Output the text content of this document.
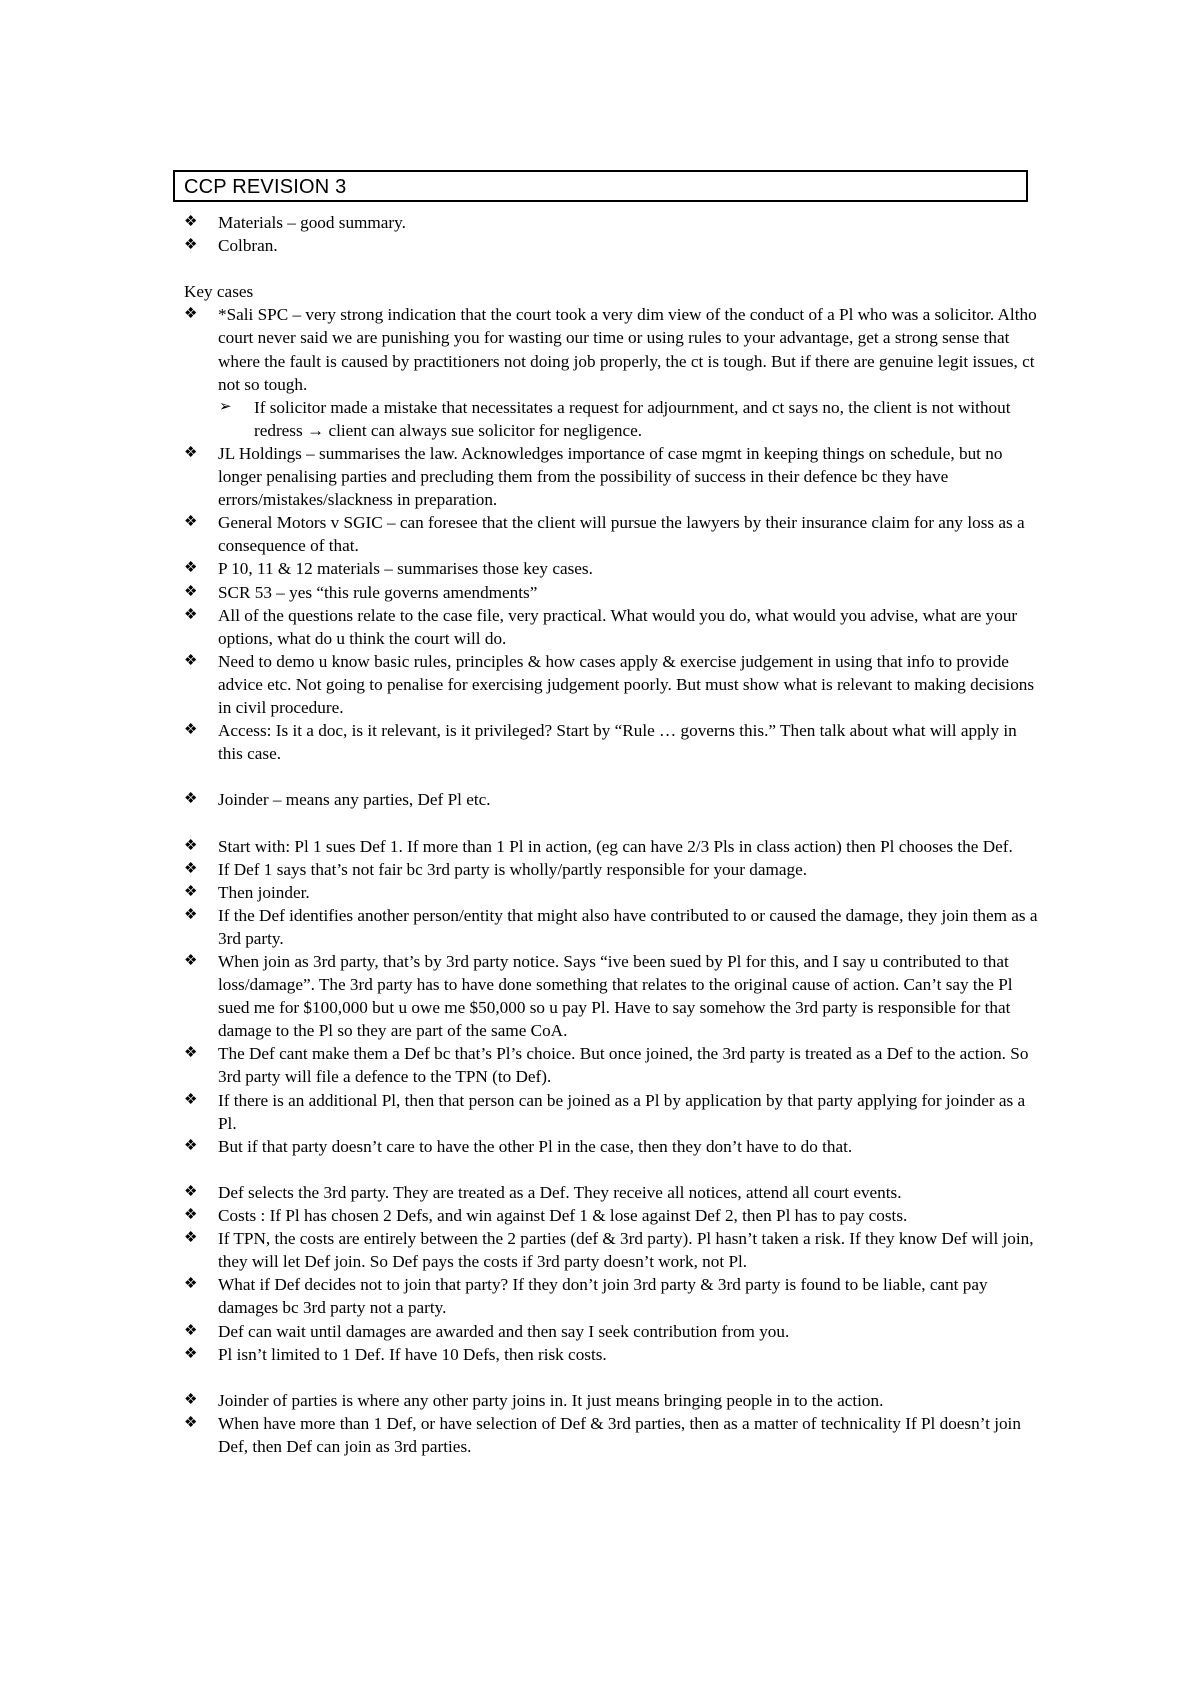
CCP REVISION 3
❖	Materials – good summary.
❖	Colbran.
Key cases
❖	*Sali SPC – very strong indication that the court took a very dim view of the conduct of a Pl who was a solicitor. Altho court never said we are punishing you for wasting our time or using rules to your advantage, get a strong sense that where the fault is caused by practitioners not doing job properly, the ct is tough. But if there are genuine legit issues, ct not so tough.
➢ If solicitor made a mistake that necessitates a request for adjournment, and ct says no, the client is not without redress → client can always sue solicitor for negligence.
❖	JL Holdings – summarises the law. Acknowledges importance of case mgmt in keeping things on schedule, but no longer penalising parties and precluding them from the possibility of success in their defence bc they have errors/mistakes/slackness in preparation.
❖	General Motors v SGIC – can foresee that the client will pursue the lawyers by their insurance claim for any loss as a consequence of that.
❖	P 10, 11 & 12 materials – summarises those key cases.
❖	SCR 53 – yes “this rule governs amendments”
❖	All of the questions relate to the case file, very practical. What would you do, what would you advise, what are your options, what do u think the court will do.
❖	Need to demo u know basic rules, principles & how cases apply & exercise judgement in using that info to provide advice etc. Not going to penalise for exercising judgement poorly. But must show what is relevant to making decisions in civil procedure.
❖	Access: Is it a doc, is it relevant, is it privileged? Start by “Rule … governs this.” Then talk about what will apply in this case.
❖	Joinder – means any parties, Def Pl etc.
❖	Start with: Pl 1 sues Def 1. If more than 1 Pl in action, (eg can have 2/3 Pls in class action) then Pl chooses the Def.
❖	If Def 1 says that’s not fair bc 3rd party is wholly/partly responsible for your damage.
❖	Then joinder.
❖	If the Def identifies another person/entity that might also have contributed to or caused the damage, they join them as a 3rd party.
❖	When join as 3rd party, that’s by 3rd party notice. Says “ive been sued by Pl for this, and I say u contributed to that loss/damage”. The 3rd party has to have done something that relates to the original cause of action. Can’t say the Pl sued me for $100,000 but u owe me $50,000 so u pay Pl. Have to say somehow the 3rd party is responsible for that damage to the Pl so they are part of the same CoA.
❖	The Def cant make them a Def bc that’s Pl’s choice. But once joined, the 3rd party is treated as a Def to the action. So 3rd party will file a defence to the TPN (to Def).
❖	If there is an additional Pl, then that person can be joined as a Pl by application by that party applying for joinder as a Pl.
❖	But if that party doesn’t care to have the other Pl in the case, then they don’t have to do that.
❖	Def selects the 3rd party. They are treated as a Def. They receive all notices, attend all court events.
❖	Costs : If Pl has chosen 2 Defs, and win against Def 1 & lose against Def 2, then Pl has to pay costs.
❖	If TPN, the costs are entirely between the 2 parties (def & 3rd party). Pl hasn’t taken a risk. If they know Def will join, they will let Def join. So Def pays the costs if 3rd party doesn’t work, not Pl.
❖	What if Def decides not to join that party? If they don’t join 3rd party & 3rd party is found to be liable, cant pay damages bc 3rd party not a party.
❖	Def can wait until damages are awarded and then say I seek contribution from you.
❖	Pl isn’t limited to 1 Def. If have 10 Defs, then risk costs.
❖	Joinder of parties is where any other party joins in. It just means bringing people in to the action.
❖	When have more than 1 Def, or have selection of Def & 3rd parties, then as a matter of technicality If Pl doesn’t join Def, then Def can join as 3rd parties.
